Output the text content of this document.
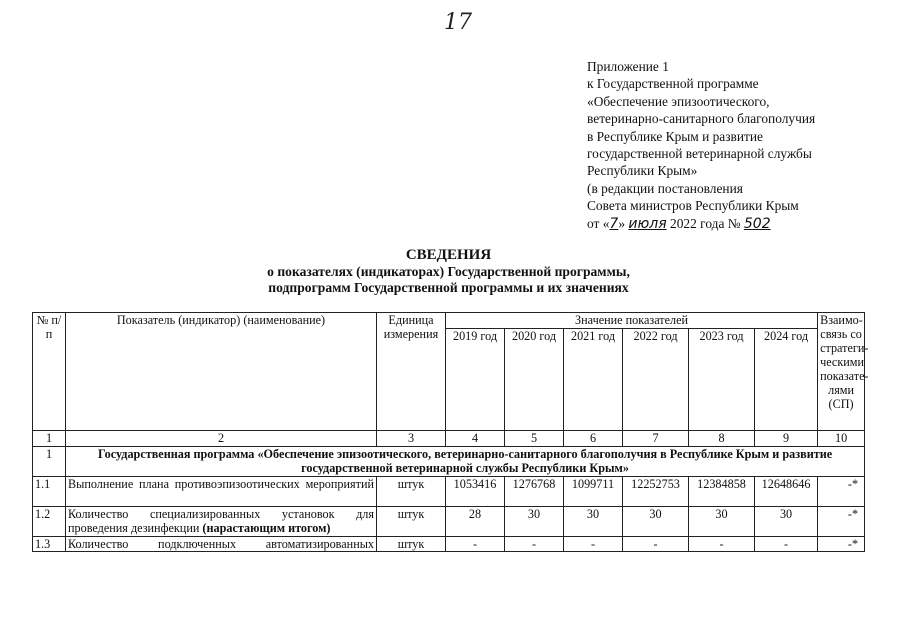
17
Приложение 1
к Государственной программе
«Обеспечение эпизоотического,
ветеринарно-санитарного благополучия
в Республике Крым и развитие
государственной ветеринарной службы
Республики Крым»
(в редакции постановления
Совета министров Республики Крым
от «7» июля 2022 года № 502
СВЕДЕНИЯ
о показателях (индикаторах) Государственной программы,
подпрограмм Государственной программы и их значениях
№ п/п	Показатель (индикатор) (наименование)	Единица измерения	Значение показателей						Взаимо-связь со стратеги-ческими показате-лями (СП)
			2019 год	2020 год	2021 год	2022 год	2023 год	2024 год	
1	2	3	4	5	6	7	8	9	10
1	Государственная программа «Обеспечение эпизоотического, ветеринарно-санитарного благополучия в Республике Крым и развитие государственной ветеринарной службы Республики Крым»								
1.1	Выполнение плана противоэпизоотических мероприятий	штук	1053416	1276768	1099711	12252753	12384858	12648646	-*
1.2	Количество специализированных установок для проведения дезинфекции (нарастающим итогом)	штук	28	30	30	30	30	30	-*
1.3	Количество подключенных автоматизированных	штук	-	-	-	-	-	-	-*
